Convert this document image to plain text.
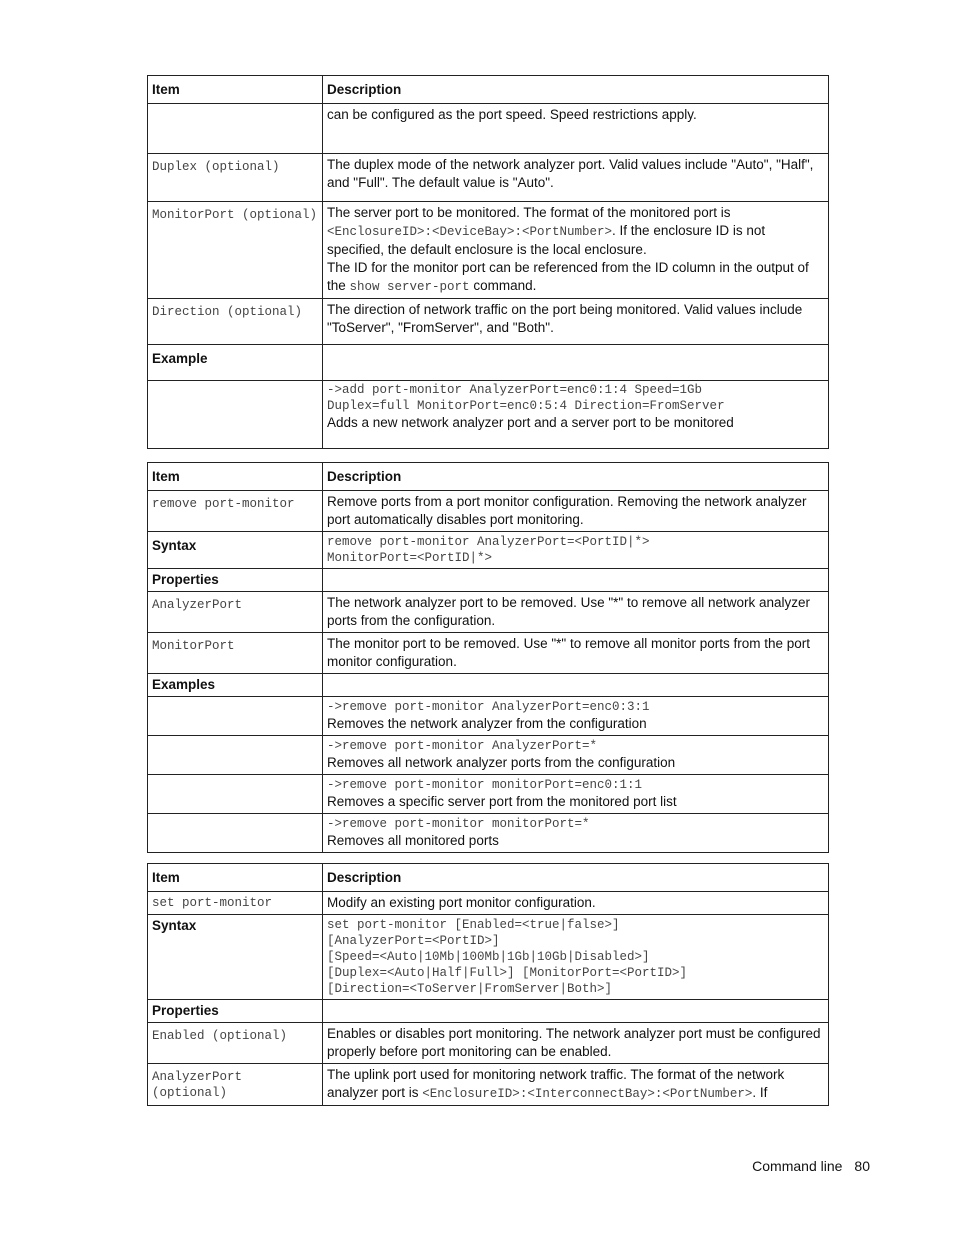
Item	Description
	can be configured as the port speed. Speed restrictions apply.
Duplex (optional)	The duplex mode of the network analyzer port. Valid values include "Auto", "Half", and "Full". The default value is "Auto".
MonitorPort (optional)	The server port to be monitored. The format of the monitored port is <EnclosureID>:<DeviceBay>:<PortNumber>. If the enclosure ID is not specified, the default enclosure is the local enclosure.
The ID for the monitor port can be referenced from the ID column in the output of the show server-port command.
Direction (optional)	The direction of network traffic on the port being monitored. Valid values include "ToServer", "FromServer", and "Both".
Example	

	->add port-monitor AnalyzerPort=enc0:1:4 Speed=1Gb
Duplex=full MonitorPort=enc0:5:4 Direction=FromServer
Adds a new network analyzer port and a server port to be monitored
Item	Description
remove port-monitor	Remove ports from a port monitor configuration. Removing the network analyzer port automatically disables port monitoring.
Syntax	remove port-monitor AnalyzerPort=<PortID|*>
MonitorPort=<PortID|*>

Properties	
AnalyzerPort	The network analyzer port to be removed. Use "*" to remove all network analyzer ports from the configuration.
MonitorPort	The monitor port to be removed. Use "*" to remove all monitor ports from the port monitor configuration.
Examples	

	->remove port-monitor AnalyzerPort=enc0:3:1
Removes the network analyzer from the configuration

	->remove port-monitor AnalyzerPort=*
Removes all network analyzer ports from the configuration

	->remove port-monitor monitorPort=enc0:1:1
Removes a specific server port from the monitored port list

	->remove port-monitor monitorPort=*
Removes all monitored ports
Item	Description
set port-monitor	Modify an existing port monitor configuration.
Syntax	set port-monitor [Enabled=<true|false>]
[AnalyzerPort=<PortID>]
[Speed=<Auto|10Mb|100Mb|1Gb|10Gb|Disabled>]
[Duplex=<Auto|Half|Full>] [MonitorPort=<PortID>]
[Direction=<ToServer|FromServer|Both>]

Properties	
Enabled (optional)	Enables or disables port monitoring. The network analyzer port must be configured properly before port monitoring can be enabled.
AnalyzerPort (optional)	The uplink port used for monitoring network traffic. The format of the network analyzer port is <EnclosureID>:<InterconnectBay>:<PortNumber>. If
Command line 80
